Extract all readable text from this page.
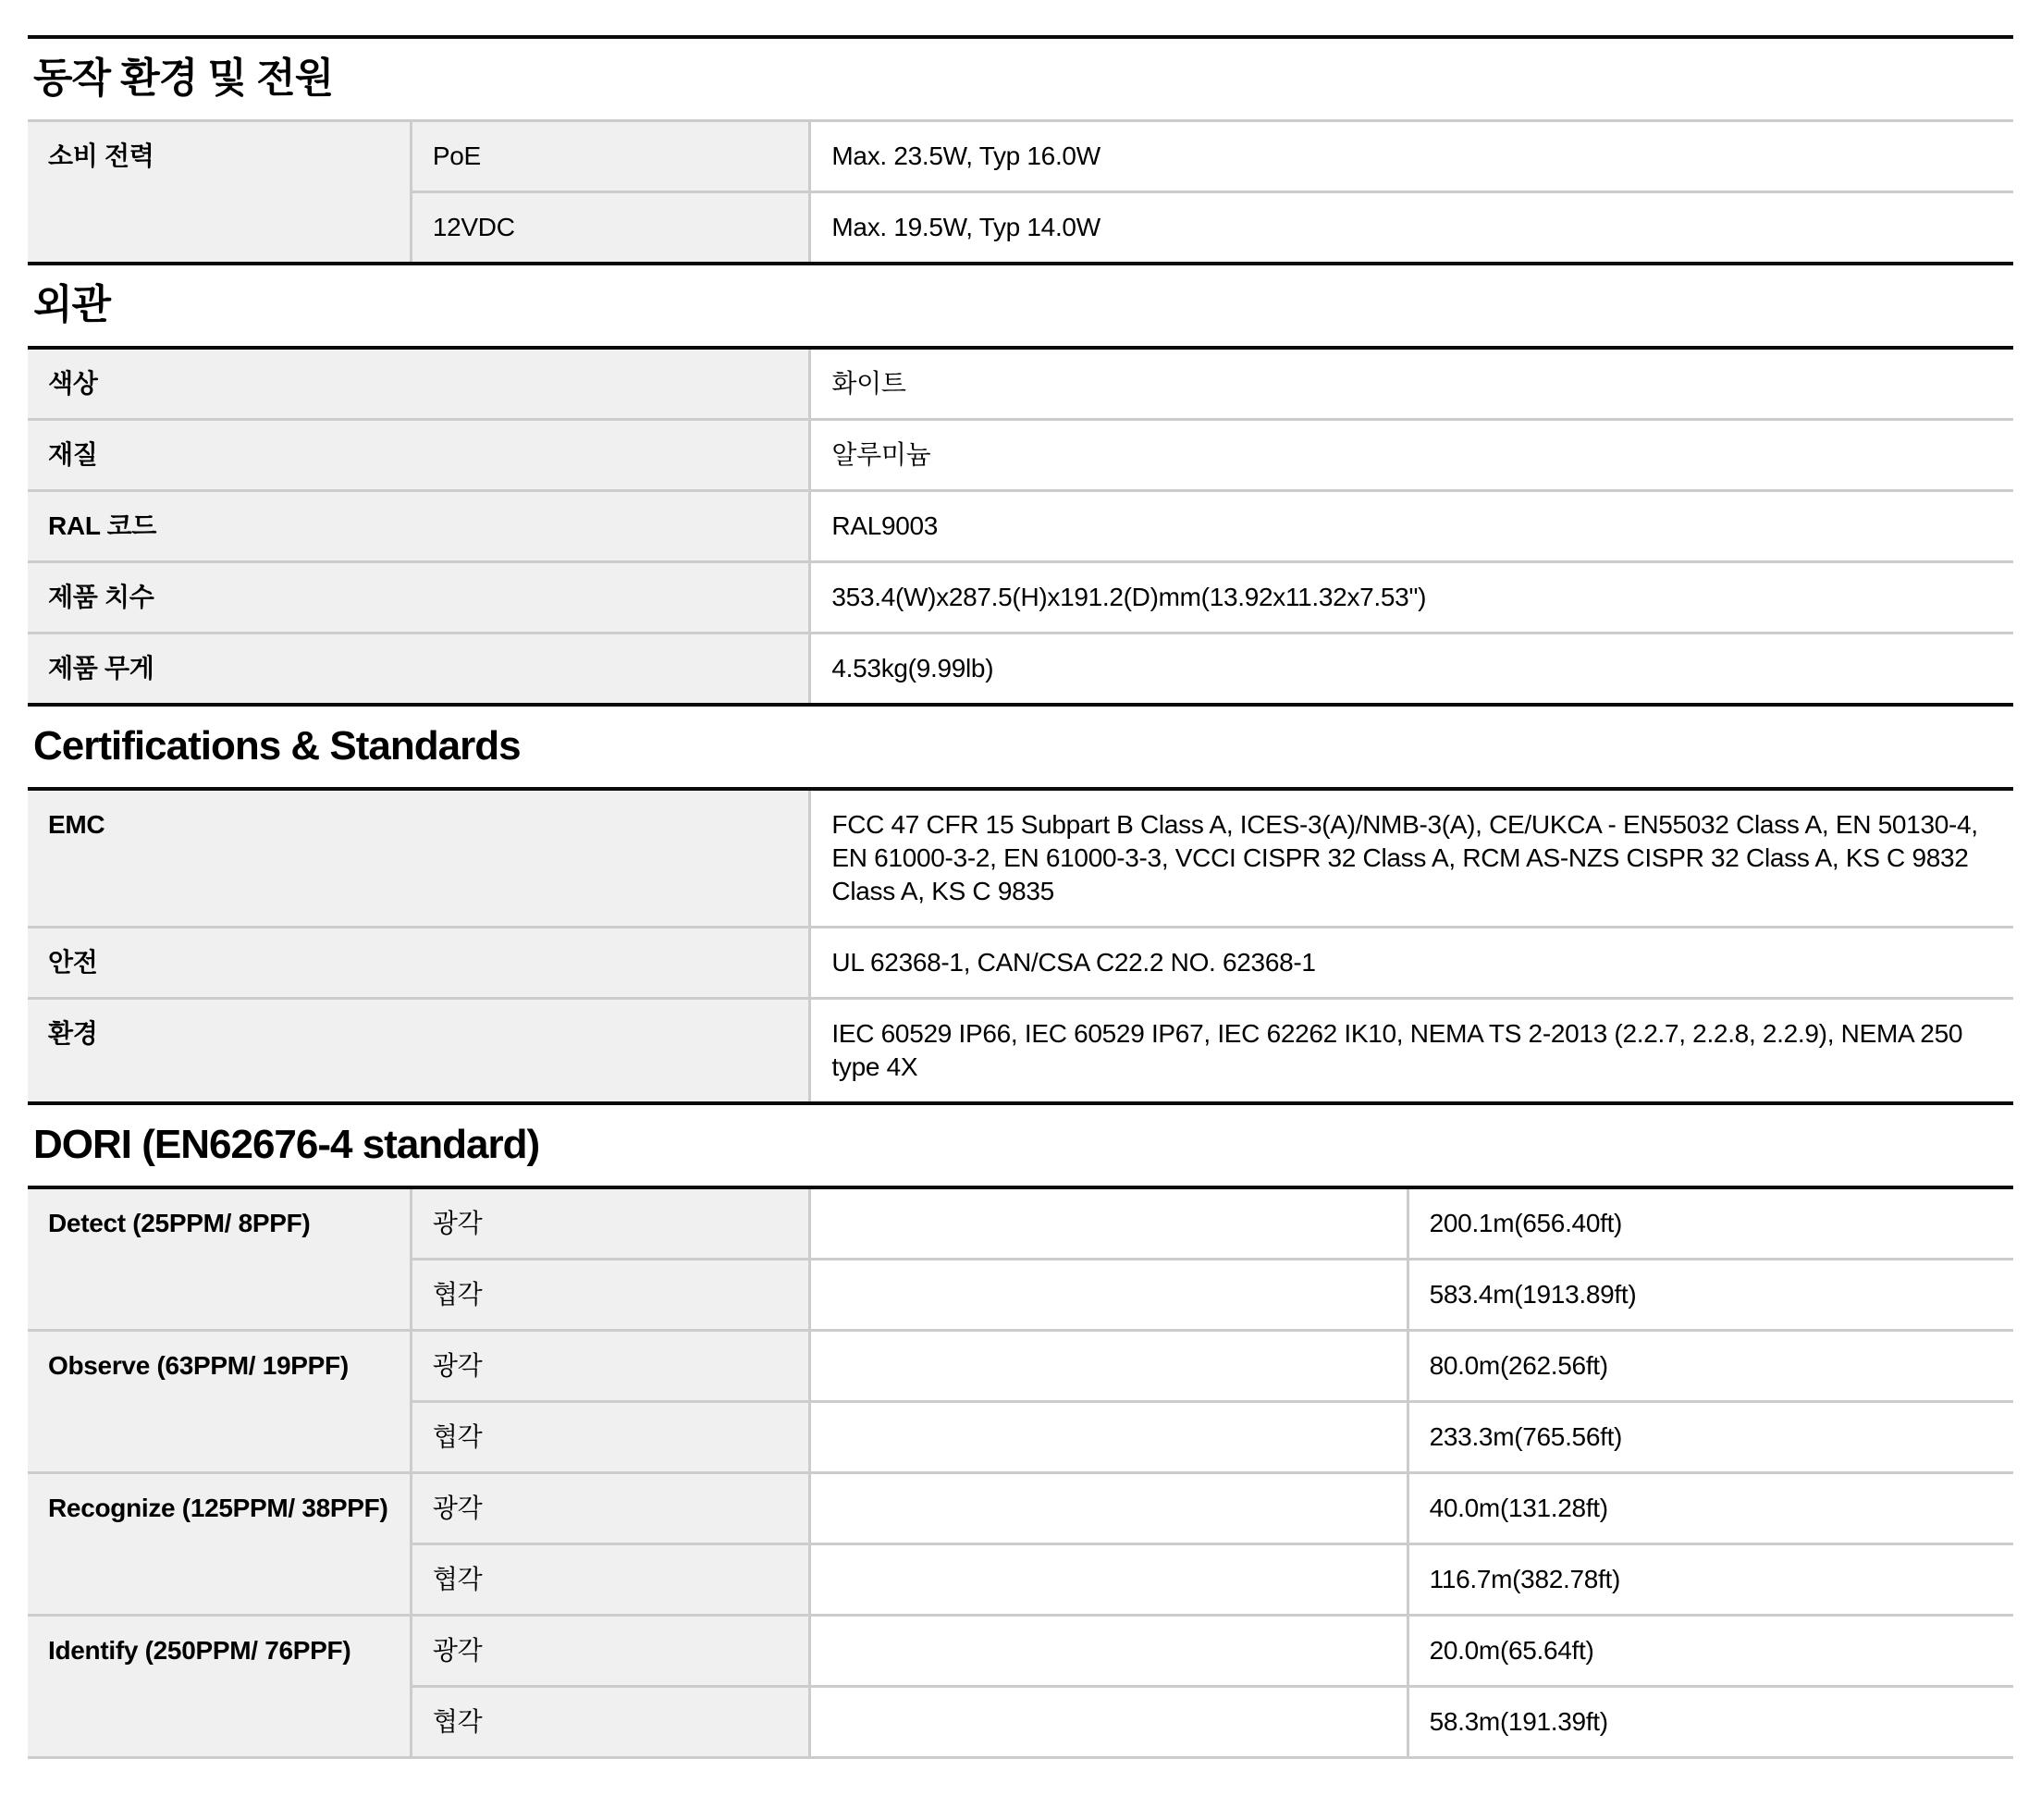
동작 환경 및 전원
소비 전력	PoE	Max. 23.5W, Typ 16.0W
	12VDC	Max. 19.5W, Typ 14.0W
외관
색상	화이트
재질	알루미늄
RAL 코드	RAL9003
제품 치수	353.4(W)x287.5(H)x191.2(D)mm(13.92x11.32x7.53")
제품 무게	4.53kg(9.99lb)
Certifications & Standards
EMC	FCC 47 CFR 15 Subpart B Class A, ICES-3(A)/NMB-3(A), CE/UKCA - EN55032 Class A, EN 50130-4, EN 61000-3-2, EN 61000-3-3, VCCI CISPR 32 Class A, RCM AS-NZS CISPR 32 Class A, KS C 9832 Class A, KS C 9835
안전	UL 62368-1, CAN/CSA C22.2 NO. 62368-1
환경	IEC 60529 IP66, IEC 60529 IP67, IEC 62262 IK10, NEMA TS 2-2013 (2.2.7, 2.2.8, 2.2.9), NEMA 250 type 4X
DORI (EN62676-4 standard)
Detect (25PPM/ 8PPF)	광각		200.1m(656.40ft)
	협각		583.4m(1913.89ft)
Observe (63PPM/ 19PPF)	광각		80.0m(262.56ft)
	협각		233.3m(765.56ft)
Recognize (125PPM/ 38PPF)	광각		40.0m(131.28ft)
	협각		116.7m(382.78ft)
Identify (250PPM/ 76PPF)	광각		20.0m(65.64ft)
	협각		58.3m(191.39ft)
